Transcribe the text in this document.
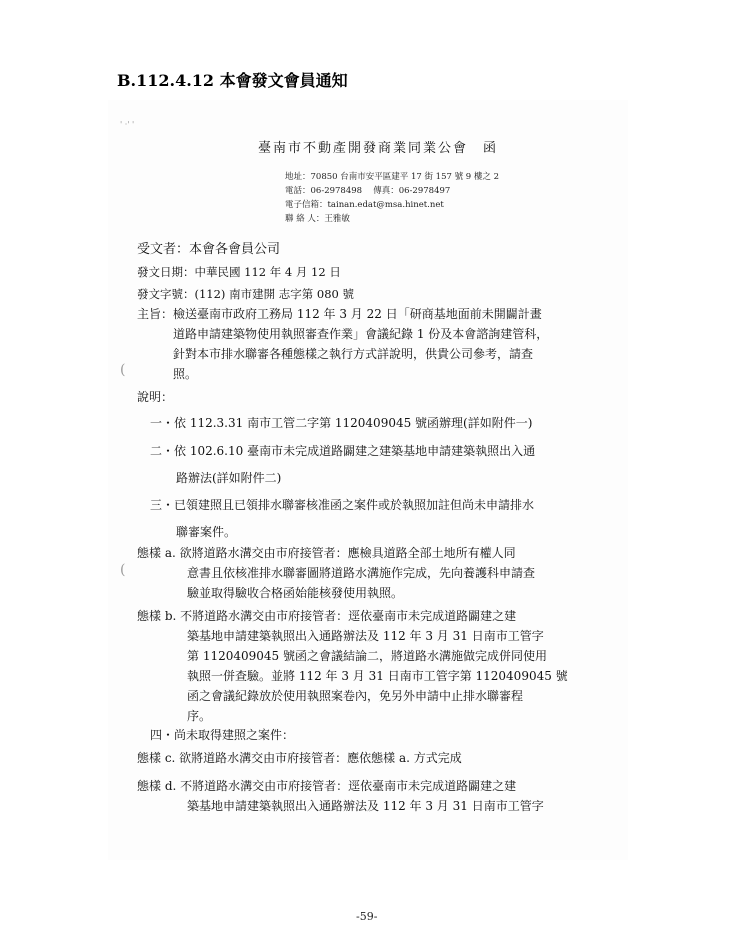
B.112.4.12 本會發文會員通知
' ·' '
(
(
臺南市不動產開發商業同業公會　函
地址：70850 台南市安平區建平 17 街 157 號 9 樓之 2
電話：06-2978498　 傳真：06-2978497
電子信箱：tainan.edat@msa.hinet.net
聯 絡 人：王雅敏
受文者：本會各會員公司
發文日期：中華民國 112 年 4 月 12 日
發文字號：(112) 南市建開 志字第 080 號
主旨：檢送臺南市政府工務局 112 年 3 月 22 日「研商基地面前未開闢計畫
道路申請建築物使用執照審查作業」會議紀錄 1 份及本會諮詢建管科，
針對本市排水聯審各種態樣之執行方式詳說明，供貴公司參考，請查
照。
說明：
一・依 112.3.31 南市工管二字第 1120409045 號函辦理(詳如附件一)
二・依 102.6.10 臺南市未完成道路闢建之建築基地申請建築執照出入通
路辦法(詳如附件二)
三・已領建照且已領排水聯審核准函之案件或於執照加註但尚未申請排水
聯審案件。
態樣 a. 欲將道路水溝交由市府接管者：應檢具道路全部土地所有權人同
意書且依核准排水聯審圖將道路水溝施作完成，先向養護科申請查
驗並取得驗收合格函始能核發使用執照。
態樣 b. 不將道路水溝交由市府接管者：逕依臺南市未完成道路闢建之建
築基地申請建築執照出入通路辦法及 112 年 3 月 31 日南市工管字
第 1120409045 號函之會議結論二，將道路水溝施做完成併同使用
執照一併查驗。並將 112 年 3 月 31 日南市工管字第 1120409045 號
函之會議紀錄放於使用執照案卷內，免另外申請中止排水聯審程
序。
四・尚未取得建照之案件：
態樣 c. 欲將道路水溝交由市府接管者：應依態樣 a. 方式完成
態樣 d. 不將道路水溝交由市府接管者：逕依臺南市未完成道路闢建之建
築基地申請建築執照出入通路辦法及 112 年 3 月 31 日南市工管字
-59-
